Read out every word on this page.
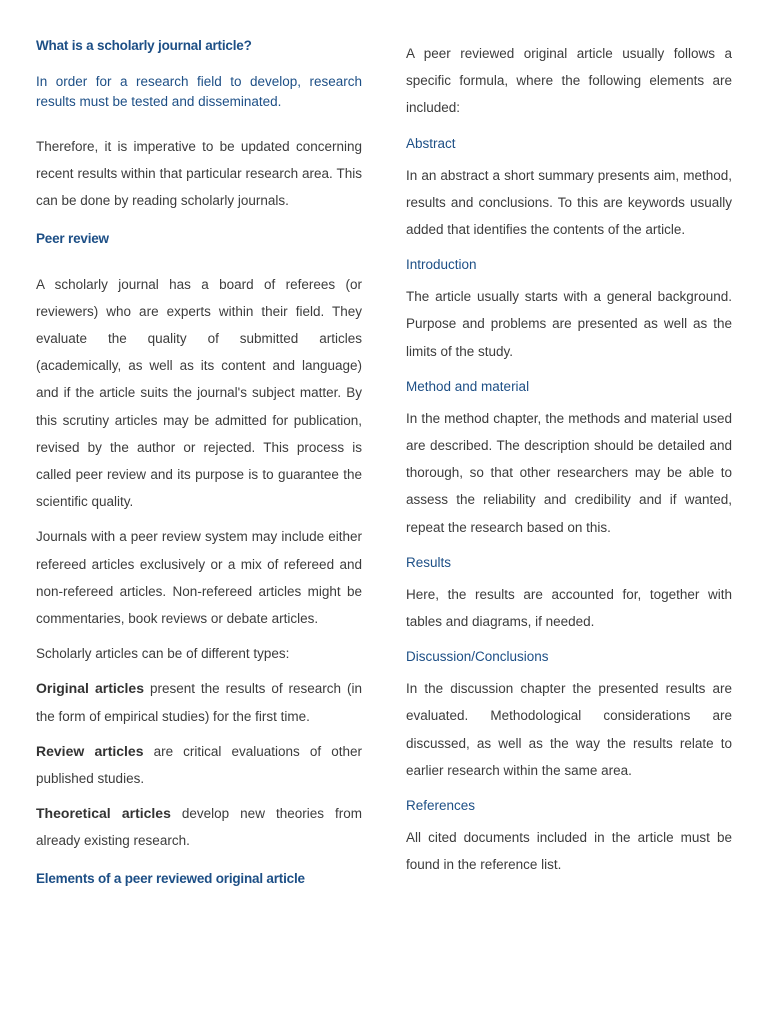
What is a scholarly journal article?

In order for a research field to develop, research results must be tested and disseminated.

Therefore, it is imperative to be updated concerning recent results within that particular research area. This can be done by reading scholarly journals.

Peer review

A scholarly journal has a board of referees (or reviewers) who are experts within their field. They evaluate the quality of submitted articles (academically, as well as its content and language) and if the article suits the journal's subject matter. By this scrutiny articles may be admitted for publication, revised by the author or rejected. This process is called peer review and its purpose is to guarantee the scientific quality.

Journals with a peer review system may include either refereed articles exclusively or a mix of refereed and non-refereed articles. Non-refereed articles might be commentaries, book reviews or debate articles.

Scholarly articles can be of different types:

Original articles present the results of research (in the form of empirical studies) for the first time.

Review articles are critical evaluations of other published studies.

Theoretical articles develop new theories from already existing research.

Elements of a peer reviewed original article

A peer reviewed original article usually follows a specific formula, where the following elements are included:

Abstract

In an abstract a short summary presents aim, method, results and conclusions. To this are keywords usually added that identifies the contents of the article.

Introduction

The article usually starts with a general background. Purpose and problems are presented as well as the limits of the study.

Method and material

In the method chapter, the methods and material used are described. The description should be detailed and thorough, so that other researchers may be able to assess the reliability and credibility and if wanted, repeat the research based on this.

Results

Here, the results are accounted for, together with tables and diagrams, if needed.

Discussion/Conclusions

In the discussion chapter the presented results are evaluated. Methodological considerations are discussed, as well as the way the results relate to earlier research within the same area.

References

All cited documents included in the article must be found in the reference list.
